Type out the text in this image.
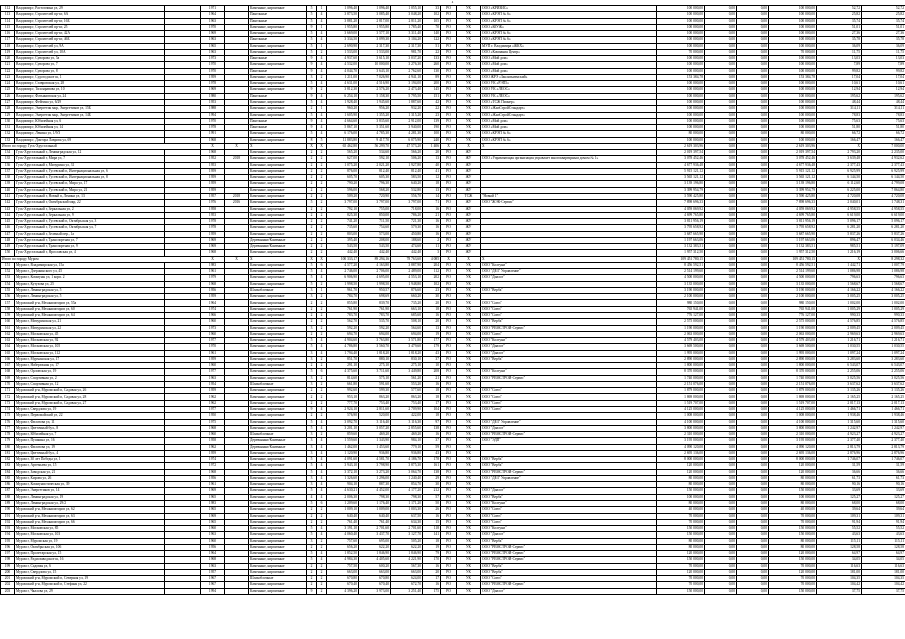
4
112	Владимир г, Растопчина ул, 29		1971		Каменные, кирпичные	5	1	1 096,40	1 096,40	1 055,10	33	РО	УК	ООО «КРИЗИС»	100 000,00	0,00	0,00	100 000,00	52,72	52,72
113	Владимир г, Строителей пр-кт, 6А		1964		Панельные	5	4	3 873,50	3 085,40	3 048,20	102	РО	УК	ООО «КРЭП № 6»	100 000,00	0,00	0,00	100 000,00	25,82	25,82
114	Владимир г, Строителей пр-кт, 16Б		1963		Панельные	5	4	3 881,20	2 817,00	2 811,20	105	РО	УК	ООО «КРЭП № 6»	100 000,00	0,00	0,00	100 000,00	35,74	35,74
115	Владимир г, Строителей пр-кт, 25		1970		Каменные, кирпичные	9	1	1 955,80	1 955,80	1 785,40	70	РО	УК	ООО «ЮУЖ»	100 000,00	0,00	0,00	100 000,00	51,01	51,01
116	Владимир г, Строителей пр-кт, 42А		1969		Каменные, кирпичные	5	4	3 669,00	3 577,10	3 311,40	140	РО	УК	ООО «КРЭП № 6»	100 000,00	0,00	0,00	100 000,00	27,36	27,36
117	Владимир г, Строителей пр-кт, 46Б		1963		Панельные	5	4	3 334,50	3 099,30	3 104,20	122	РО	УК	ООО «КРЭП № 6»	100 000,00	0,00	0,00	100 000,00	35,78	35,78
118	Владимир г, Строителей ул, 9А		1965		Каменные, кирпичные	5	1	2 690,90	2 317,30	2 317,30	51	РО	УК	МУП г. Владимира «ЖКХ»	100 000,00	0,00	0,00	100 000,00	36,09	36,09
119	Владимир г, Строителей ул, 10А		1963		Каменные, кирпичные	5	2	1 533,00	1 533,00	981,70	22	РО	УК	ООО «Компания Центр»	70 000,00	0,00	0,00	70 000,00	11,75	11,75
120	Владимир г, Суворова ул, 5а		1973		Панельные	9	4	4 937,60	3 615,10	3 037,20	133	РО	УК	ООО «Мой дом»	100 000,00	0,00	0,00	100 000,00	13,03	13,03
121	Владимир г, Суворова ул, 7		1970		Каменные, кирпичные	9	4	4 532,00	10 000,00	3 276,30	260	РО	УК	ООО «Мой дом»	100 000,00	0,00	0,00	100 000,00	7,89	7,89
122	Владимир г, Суворова ул, 8		1970		Панельные	9	4	4 044,70	3 643,10	2 762,60	130	РО	УК	ООО «Мой дом»	100 000,00	0,00	0,00	100 000,00	99,82	99,82
123	Владимир г, Судогодское ш, 1		1959		Каменные, кирпичные	3	2	1 211,00	7 026,90	4 941,10	89	РО	УК	ООО ЖРЭ «Заклязьменский»	153 384,78	0,00	0,00	153 384,78	17,04	17,04
124	Владимир г, Ставровская ул, 28		1978		Каменные, кирпичные	5	4	4 631,00	4 516,90	3 194,00	200	РО	УК	ООО УК «РЭП5»	100 000,00	0,00	0,00	100 000,00	10,61	10,61
125	Владимир г, Тихонравова ул, 10		1969		Каменные, кирпичные	9	2	3 812,30	2 576,20	2 473,40	145	РО	УК	ООО УК «ЛЕОС»	100 000,00	0,00	0,00	100 000,00	12,94	12,94
126	Владимир г, Фатьяновская ул, 24		1980		Панельные	9	4	6 254,10	5 158,30	5 795,50	151	РО	УК	ООО УК «ЛЕОС»	100 000,00	0,00	0,00	100 000,00	195,62	195,62
127	Владимир г, Фейгина ул, 6/29		1953		Каменные, кирпичные	5	4	1 928,40	1 945,60	1 887,60	42	РО	УК	ООО «ТСЖ Пионер»	100 000,00	0,00	0,00	100 000,00	48,44	48,44
128	Владимир г, Энергетик мкр, Энергетиков ул, 15Б		1988		Каменные, кирпичные	2	1	960,20	956,20	932,20	22	РО	УК	ООО «ЖилСтройСтандарт»	100 000,00	0,00	0,00	100 000,00	314,11	314,11
129	Владимир г, Энергетик мкр, Энергетиков ул, 14Б		1994		Каменные, кирпичные	5	4	1 605,90	1 355,20	1 315,20	23	РО	УК	ООО «ЖилСтройСтандарт»	100 000,00	0,00	0,00	100 000,00	78,83	78,83
130	Владимир г, Юбилейная ул, 6		1970		Панельные	9	4	4 664,60	3 835,60	2 912,00	139	РО	УК	ООО «Мой дом»	100 000,00	0,00	0,00	100 000,00	75,63	75,63
131	Владимир г, Юбилейная ул, 14		1978		Панельные	9	4	5 867,10	5 351,60	3 940,00	190	РО	УК	ООО «Мой дом»	100 000,00	0,00	0,00	100 000,00	51,80	51,80
132	Владимир г, Ленина ул, 1/9/3		1991		Каменные, кирпичные	5	4	6 176,00	4 785,30	4 281,30	100	РО	УК	ООО «КРЭП № 6»	80 000,00	0,00	0,00	80 000,00	66,72	66,72
133	Владимир г, Доктора Лаврова ул, 69		1968		Каменные, кирпичные	8	5	11 883,80	9 417,70	6 075,90	240	РО	УК	ООО «КРЭП № 6»	100 000,00	0,00	0,00	100 000,00	166,47	166,47
Итого по городу Гусь-Хрустальный			X	X	X	X	X	65 462,80	56 299,70	47 573,20	1 406	X	X	X	2 619 303,96	0,00	0,00	2 619 303,96	X	7 000,00
134	Гусь-Хрустальный г, Ленинградская ул, 12		1968		Каменные, кирпичные	2	2	565,20	534,60	566,20	20	РО	ЖУ		2 019 397,54	0,00	0,00	2 019 397,54	2 793,20	2 235,00
135	Гусь-Хрустальный г, Мира ул, 7		1952	2018	Каменные, кирпичные	2	2	627,00	592,10	506,20	13	РО	ЖУ	ООО «Управляющая организация управляет многоквартирным домом № 1»	3 078 452,46	0,00	0,00	3 078 452,46	3 639,48	4 932,62
136	Гусь-Хрустальный г, Мичурина ул, 31		1953		Каменные, кирпичные	2	2	1 075,20	2 021,20	1 927,80	40	РО	ЖУ		4 677 936,48	0,00	0,00	4 677 936,48	2 377,43	2 377,43
137	Гусь-Хрустальный г, Гусевский п, Интернациональная ул, 6		1959		Каменные, кирпичные	2	2	876,00	812,40	812,40	41	РО	ЖУ		5 915 121,12	0,00	0,00	5 915 121,12	6 925,99	6 925,99
138	Гусь-Хрустальный г, Гусевский п, Интернациональная ул, 8		1959		Каменные, кирпичные	2	2	605,70	605,30	583,50	12	РО	ЖУ		3 565 121,12	0,00	0,00	3 565 121,12	6 144,50	6 144,50
139	Гусь-Хрустальный г, Гусевский п, Мира ул, 17		1959		Каменные, кирпичные	2	2	790,20	796,30	640,20	18	РО	ЖУ		3 139 196,80	0,00	0,00	3 139 196,80	6 112,60	4 799,08
140	Гусь-Хрустальный г, Гусевский п, Мира ул, 21		1959		Каменные, кирпичные	2	2	596,00	568,20	532,80	13	РО	ЖУ		3 399 954,79	0,00	0,00	3 399 954,79	6 225,00	7 864,80
141	Гусь-Хрустальный г, Новый п, Ленина ул, 13		1957	2018	Каменные, кирпичные	2	2	509,20	720,90	556,70	14	РО	ТСЖ	"Новый 1"	3 590 425,80	0,00	0,00	3 590 425,80	4 720,08	4 720,08
142	Гусь-Хрустальный г, Октябрьский мкр, 22		1976	2016	Каменные, кирпичные	5	2	3 797,00	3 797,00	3 797,00	71	РО	ЖУ	ООО "ЖЭК-Сервис"	7 898 696,33	0,00	0,00	7 898 696,33	2 040,01	1 748,31
143	Гусь-Хрустальный г, Зеркальная ул, 2		1958		Каменные, кирпичные	2	2	792,10	755,00	718,00	16	РО	ЖУ		4 059 069,92	0,00	0,00	4 059 069,92	4 958,55	4 958,55
144	Гусь-Хрустальный г, Зеркальная ул, 9		1953		Каменные, кирпичные	2	2	825,30	850,00	786,20	21	РО	ЖУ		4 699 765,80	0,00	0,00	4 699 765,80	6 619,00	6 619,00
145	Гусь-Хрустальный г, Гусевский п, Октябрьская ул, 3		1978		Каменные, кирпичные	2	2	741,20	711,50	721,30	16	РО	ЖУ		3 811 956,19	0,00	0,00	3 811 956,19	5 096,17	5 096,17
146	Гусь-Хрустальный г, Гусевский п, Октябрьская ул, 7		1978		Каменные, кирпичные	2	2	735,60	754,60	579,30	16	РО	ЖУ		3 795 658,92	0,00	0,00	3 795 658,92	6 281,20	6 281,20
147	Гусь-Хрустальный г, Зеленый пер., 1а		1959		Каменные, кирпичные	2	2	803,00	573,00	450,80	16	РО	ЖУ		3 687 665,90	0,00	0,00	3 687 665,90	5 837,26	5 837,26
148	Гусь-Хрустальный г, Транспортная ул, 7		1969		Деревянные/Каменные	2	2	395,40	208,00	188,60	2	РО	ЖУ		1 197 663,06	0,00	0,00	1 197 663,06	896,47	6 034,46
149	Гусь-Хрустальный г, Транспортная ул, 9		1969		Деревянные/Каменные	2	2	543,50	543,50	474,60	11	РО	ЖУ		3 132 383,51	0,00	0,00	3 132 383,51	985,51	5 197,09
150	Гусь-Хрустальный г, Ярославская ул, 4		1968		Каменные, кирпичные	2	2	442,40	442,40	442,40	3	РО	ЖУ		1 957 312,50	0,00	0,00	1 957 312,50	1 216,19	3 006,66
Итого по городу Муром			X	X	X	X	X	100 333,17	89 294,16	78 763,60	4 085	X	X	X	109 451 780,15	0,00	0,00	109 451 780,15	X	8 298,32
151	Муром г, Владимирская ул, 15а		1983		Каменные, кирпичные	5	6	4 577,20	4 163,80	3 887,90	204	РО	УК	ООО "Колтуни"	8 456 592,51	0,00	0,00	8 456 592,51	1 442,71	1 007,79
152	Муром г, Дзержинского ул, 45		1961		Каменные, кирпичные	5	4	2 746,00	2 706,00	2 489,00	112	РО	УК	ООО "ДЕЗ" Управление"	2 514 199,60	0,00	0,00	2 514 199,60	1 086,98	1 086,98
153	Муром г, Коммуны ул, 1 корп. 2		1979		Каменные, кирпичные	5	4	6 906,90	4 695,00	4 553,10	202	РО	УК	ООО "Диалог"	4 500 000,00	0,00	0,00	4 500 000,00	796,63	796,63
154	Муром г, Кутузова ул, 25		1968		Каменные, кирпичные	5	2	1 998,50	1 998,50	1 948,80	102	РО	УК		3 135 000,00	0,00	0,00	3 135 000,00	1 568,67	1 568,67
155	Муром г, Ленинградская ул, 5		1956		Шлакоблочные	3	1	961,70	950,57	876,60	23	РО	УК	ООО "Верба"	3 190 000,00	0,00	0,00	3 190 000,00	4 166,22	4 166,22
156	Муром г, Ленинградская ул, 5		1959		Каменные, кирпичные	3	2	784,70	698,69	660,20	30	РО	УК		2 100 000,00	0,00	0,00	2 100 000,00	3 005,25	3 005,25
157	Муромский р-н, Механизаторов ул, 55а		1964		Каменные, кирпичные	2	2	855,80	839,70	735,20	20	РО	УК	ООО "Союз"	980 150,00	0,00	0,00	980 150,00	1 002,00	1 002,00
158	Муромский р-н, Механизаторов ул, 60		1974		Каменные, кирпичные	2	2	761,90	761,90	663,10	18	РО	УК	ООО "Союз"	765 941,00	0,00	0,00	765 941,00	1 005,29	1 005,29
159	Муромский р-н, Механизаторов ул, 64		1966		Каменные, кирпичные	2	2	783,70	783,70	685,60	16	РО	УК	ООО "Союз"	776 127,00	0,00	0,00	776 127,00	990,33	990,33
160	Муром г, Мичуринская ул, 21		1960		Каменные, кирпичные	2	2	562,70	535,70	508,10	20	РО	УК	ООО "Верба"	2 575 000,00	0,00	0,00	2 575 000,00	4 576,85	4 576,85
161	Муром г, Мичуринская ул, 22		1973		Каменные, кирпичные	3	2	592,20	592,20	564,60	13	РО	УК	ООО "РЕМСТРОЙ-Сервис"	1 190 000,00	0,00	0,00	1 190 000,00	2 009,45	2 009,45
162	Муром г, Московская ул, 45		1960		Каменные, кирпичные	2	2	694,70	694,00	694,00	19	РО	УК	ООО "Союз"	2 063 000,00	0,00	0,00	2 063 000,00	2 969,63	2 969,63
163	Муром г, Московская ул, 92		1977		Каменные, кирпичные	5	4	4 904,60	3 763,80	3 571,80	177	РО	УК	ООО "Колтуни"	4 579 403,00	0,00	0,00	4 579 403,00	1 216,71	1 216,71
164	Муром г, Московская ул, 105		1970		Каменные, кирпичные	5	4	4 786,80	3 560,70	3 479,60	179	РО	УК	ООО "Диалог"	3 669 500,00	0,00	0,00	3 669 500,00	1 030,55	1 030,55
165	Муром г, Московская ул, 112		1961		Каменные, кирпичные	3	4	1 794,40	1 818,20	1 818,20	43	РО	УК	ООО "Диалог"	1 995 000,00	0,00	0,00	1 995 000,00	1 097,24	1 097,24
166	Муром г, Мурманская ул, 17		1959		Каменные, кирпичные	3	2	851,70	880,10	830,10	37	РО	УК	ООО "Верба"	2 890 000,00	0,00	0,00	2 890 000,00	3 283,60	3 283,60
167	Муром г, Набережная ул, 17		1960		Каменные, кирпичные	2	2	291,10	275,10	275,10	10	РО	УК		1 800 000,00	0,00	0,00	1 800 000,00	6 543,07	6 543,07
168	Муром г, Орловская ул, 19		1977		Каменные, кирпичные	5	6	4 375,60	3 711,60	3 449,80	208	РО	УК	ООО "Колтуни"	8 370 000,00	0,00	0,00	8 370 000,00	2 255,06	2 255,06
169	Муром г, Спортивная ул, 2		1963		Каменные, кирпичные	3	2	814,60	575,10	561,20	21	РО	УК	ООО "РЕМСТРОЙ-Сервис"	1 740 000,00	0,00	0,00	1 740 000,00	3 025,56	3 025,56
170	Муром г, Спортивная ул, 12		1954		Шлакоблочные	3	2	661,80	591,60	553,20	16	РО	УК		2 151 076,00	0,00	0,00	2 151 076,00	3 637,62	3 637,62
171	Муромский р-н, Муромский п, Садовая ул, 26		1959		Каменные, кирпичные	2	2	992,60	599,30	577,60	18	РО	УК	ООО "Союз"	1 879 000,00	0,00	0,00	1 879 000,00	3 135,26	3 135,26
172	Муромский р-н, Муромский п, Садовая ул, 28		1962		Каменные, кирпичные	2	2	953,10	863,20	863,20	18	РО	УК	ООО "Союз"	1 869 000,00	0,00	0,00	1 869 000,00	2 165,25	2 165,25
173	Муромский р-н, Муромский п, Садовая ул, 27		1962		Каменные, кирпичные	2	2	777,70	753,40	753,40	17	РО	УК	ООО "Союз"	1 519 707,00	0,00	0,00	1 519 707,00	2 017,13	2 017,13
174	Муром г, Свердлова ул, 19		1977		Каменные, кирпичные	9	4	2 924,10	2 811,60	2 709,90	104	РО	УК	ООО "Союз"	4 125 000,00	0,00	0,00	4 125 000,00	1 466,71	1 466,71
175	Муром г, Первомайский ул, 22		1950		Каменные, кирпичные	2	2	576,90	520,00	422,00	18	РО	УК		1 008 000,00	0,00	0,00	1 008 000,00	1 938,46	1 938,46
176	Муром г, Филатова ул, 11		1975		Каменные, кирпичные	5	4	3 092,70	3 116,40	3 116,30	97	РО	УК	ООО "ДЕЗ" Управление"	4 100 000,00	0,00	0,00	4 100 000,00	1 315,60	1 315,60
177	Муром г, Цветочный бул., 8		1968		Каменные, кирпичные	5	4	3 201,10	3 057,20	2 855,60	138	РО	УК	ООО "Диалог"	3 800 000,00	0,00	0,00	3 800 000,00	1 242,97	1 242,97
178	Муром г, Юбилейная ул, 7		1960		Шлакоблочные	3	2	859,60	469,20	469,20	16	РО	УК	ООО "РЕМСТРОЙ-Сервис"	2 310 000,00	0,00	0,00	2 310 000,00	4 923,27	4 923,27
179	Муром г, Пушкина ул, 16		1958		Деревянные/Каменные	3	4	1 559,60	1 343,90	984,10	37	РО	УК	ООО "ЭДП"	3 195 000,00	0,00	0,00	3 195 000,00	2 377,40	2 377,40
180	Муром г, Филатова ул, 19		1962		Деревянные/Каменные	3	4	1 462,00	1 453,60	779,10	59	РО	УК		4 090 120,00	0,00	0,00	4 090 120,00	2 813,79	2 813,79
181	Муром г, Цветочный бул., 4		1959		Каменные, кирпичные	3	4	1 120,90	936,80	936,80	43	РО	УК		2 695 136,00	0,00	0,00	2 695 136,00	2 876,96	2 876,96
182	Муром г, 30 лет Победы ул, 1		1974		Каменные, кирпичные	5	4	4 091,60	4 581,70	4 186,70	178	РО	УК	ООО "Верба"	8 000 000,00	0,00	0,00	8 000 000,00	1 746,07	1 746,07
183	Муром г, Артемьева ул, 15		1972		Каменные, кирпичные	5	4	3 943,10	3 798,90	3 875,30	161	РО	УК	ООО "Верба"	120 000,00	0,00	0,00	120 000,00	31,59	31,59
184	Муром г, Заводская ул, 21		1968		Каменные, кирпичные	5	4	3 372,10	3 273,20	3 064,70	138	РО	УК	ООО "РЕМСТРОЙ-Сервис"	120 000,00	0,00	0,00	120 000,00	36,66	36,66
185	Муром г, Кирова ул, 26		1956		Каменные, кирпичные	3	4	1 326,60	1 296,00	1 240,40	29	РО	УК	ООО "ДЕЗ" Управление"	80 000,00	0,00	0,00	80 000,00	61,73	61,73
186	Муром г, Коммунистическая ул, 39		1961		Каменные, кирпичные	3	4	904,10	887,30	854,70	30	РО	УК		80 000,00	0,00	0,00	80 000,00	90,16	90,16
187	Муром г, Энергетиков ул, 14		1969		Каменные, кирпичные	5	4	4 630,21	4 452,00	4 177,20	212	РО	УК	ООО "Диалог"	150 000,00	0,00	0,00	150 000,00	33,69	33,69
188	Муром г, Ленинградская ул, 19		1965		Каменные, кирпичные	4	4	2 006,30	798,30	798,30	57	РО	УК	ООО "Верба"	100 000,00	0,00	0,00	100 000,00	125,27	125,27
189	Муром г, Ленинградская ул, 29/2		1983		Каменные, кирпичные	5	6	1 209,60	1 176,40	1 171,20	50	РО	УК	ООО "Колтуни"	80 000,00	0,00	0,00	80 000,00	68,00	68,00
190	Муромский р-н, Механизаторов ул, 62		1965		Каменные, кирпичные	2	2	1 009,10	1 009,00	1 003,30	26	РО	УК	ООО "Союз"	40 000,00	0,00	0,00	40 000,00	39,64	39,64
191	Муромский р-н, Механизаторов ул, 63		1969		Каменные, кирпичные	2	2	640,40	640,40	637,50	16	РО	УК	ООО "Союз"	70 000,00	0,00	0,00	70 000,00	109,31	109,31
192	Муромский р-н, Механизаторов ул, 66		1965		Каменные, кирпичные	2	2	761,40	761,40	634,30	15	РО	УК	ООО "Союз"	70 000,00	0,00	0,00	70 000,00	91,94	91,94
193	Муром г, Московская ул, 85		1960		Каменные, кирпичные	5	4	3 191,10	2 701,60	2 701,60	118	РО	УК	ООО "Колтуни"	150 000,00	0,00	0,00	150 000,00	55,52	55,52
194	Муром г, Московская ул, 103		1963		Каменные, кирпичные	5	4	4 060,40	3 437,70	3 127,70	141	РО	УК	ООО "Диалог"	150 000,00	0,00	0,00	150 000,00	43,63	43,63
195	Муром г, Муромская ул, 19		1960		Каменные, кирпичные	3	2	757,60	695,00	505,20	18	РО	УК	ООО "Верба"	80 000,00	0,00	0,00	80 000,00	115,11	115,11
196	Муром г, Октябрьская ул, 106		1956		Каменные, кирпичные	2	2	656,20	622,20	622,20	19	РО	УК	ООО "РЕМСТРОЙ-Сервис"	80 000,00	0,00	0,00	80 000,00	128,58	128,58
197	Муром г, Пролетарская ул, 15		1964		Каменные, кирпичные	5	4	1 852,50	1 846,90	1 846,90	79	РО	УК	ООО "РЕМСТРОЙ-Сервис"	120 000,00	0,00	0,00	120 000,00	64,97	64,97
198	Муром г, Радиозаводское ш, 16		1968		Каменные, кирпичные	5	4	4 984,30	4 405,60	4 221,90	170	РО	УК	ООО "РЕМСТРОЙ-Сервис"	150 000,00	0,00	0,00	150 000,00	34,05	34,05
199	Муром г, Садовая ул, 6		1963		Каменные, кирпичные	2	2	757,50	600,20	567,30	16	РО	УК	ООО "Верба"	70 000,00	0,00	0,00	70 000,00	116,63	116,63
200	Муром г, Свердлова ул, 15		1957		Каменные, кирпичные	2	2	663,00	663,00	663,00	20	РО	УК	ООО "Верба"	120 000,00	0,00	0,00	120 000,00	181,00	181,00
201	Муромский р-н, Муромский п, Северная ул, 19		1967		Шлакоблочные	2	2	670,80	670,80	624,00	17	РО	УК	ООО "Союз"	70 000,00	0,00	0,00	70 000,00	104,35	104,35
202	Муромский р-н, Муромский п, Стефаня ул, 22		1967		Каменные, кирпичные	2	2	670,40	670,40	672,70	16	РО	УК	ООО "РЕМСТРОЙ-Сервис"	70 000,00	0,00	0,00	70 000,00	104,42	104,42
203	Муром г, Чкалова ул, 29		1994		Каменные, кирпичные	9	2	4 396,20	3 973,00	3 251,40	175	РО	УК	ООО "Диалог"	150 000,00	0,00	0,00	150 000,00	37,75	37,75
